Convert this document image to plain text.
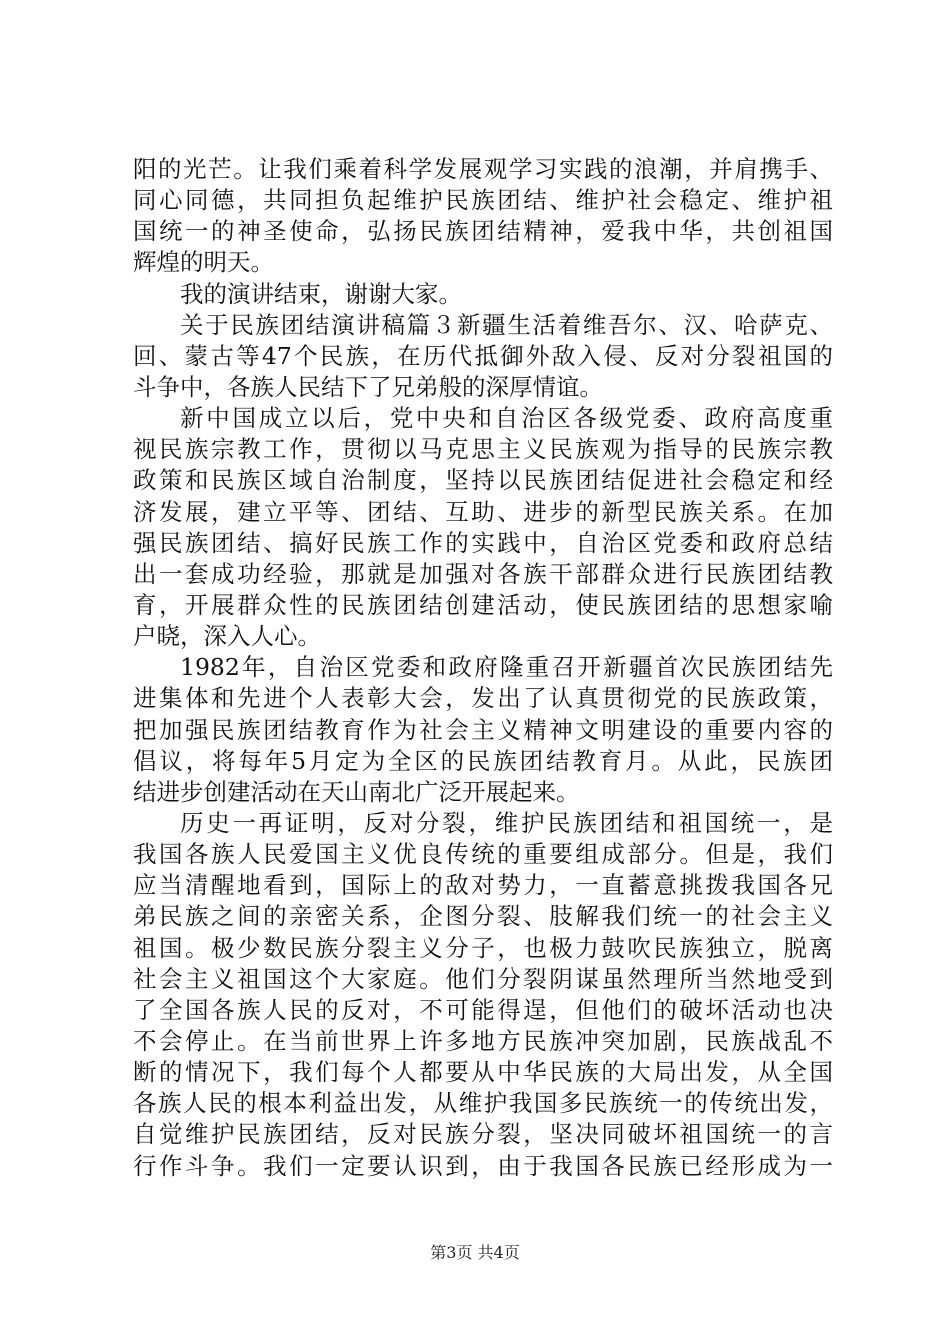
阳的光芒。让我们乘着科学发展观学习实践的浪潮，并肩携手、
同心同德，共同担负起维护民族团结、维护社会稳定、维护祖
国统一的神圣使命，弘扬民族团结精神，爱我中华，共创祖国
辉煌的明天。
我的演讲结束，谢谢大家。
关于民族团结演讲稿篇３新疆生活着维吾尔、汉、哈萨克、
回、蒙古等47个民族，在历代抵御外敌入侵、反对分裂祖国的
斗争中，各族人民结下了兄弟般的深厚情谊。
新中国成立以后，党中央和自治区各级党委、政府高度重
视民族宗教工作，贯彻以马克思主义民族观为指导的民族宗教
政策和民族区域自治制度，坚持以民族团结促进社会稳定和经
济发展，建立平等、团结、互助、进步的新型民族关系。在加
强民族团结、搞好民族工作的实践中，自治区党委和政府总结
出一套成功经验，那就是加强对各族干部群众进行民族团结教
育，开展群众性的民族团结创建活动，使民族团结的思想家喻
户晓，深入人心。
1982年，自治区党委和政府隆重召开新疆首次民族团结先
进集体和先进个人表彰大会，发出了认真贯彻党的民族政策，
把加强民族团结教育作为社会主义精神文明建设的重要内容的
倡议，将每年5月定为全区的民族团结教育月。从此，民族团
结进步创建活动在天山南北广泛开展起来。
历史一再证明，反对分裂，维护民族团结和祖国统一，是
我国各族人民爱国主义优良传统的重要组成部分。但是，我们
应当清醒地看到，国际上的敌对势力，一直蓄意挑拨我国各兄
弟民族之间的亲密关系，企图分裂、肢解我们统一的社会主义
祖国。极少数民族分裂主义分子，也极力鼓吹民族独立，脱离
社会主义祖国这个大家庭。他们分裂阴谋虽然理所当然地受到
了全国各族人民的反对，不可能得逞，但他们的破坏活动也决
不会停止。在当前世界上许多地方民族冲突加剧，民族战乱不
断的情况下，我们每个人都要从中华民族的大局出发，从全国
各族人民的根本利益出发，从维护我国多民族统一的传统出发，
自觉维护民族团结，反对民族分裂，坚决同破坏祖国统一的言
行作斗争。我们一定要认识到，由于我国各民族已经形成为一
第3页 共4页
